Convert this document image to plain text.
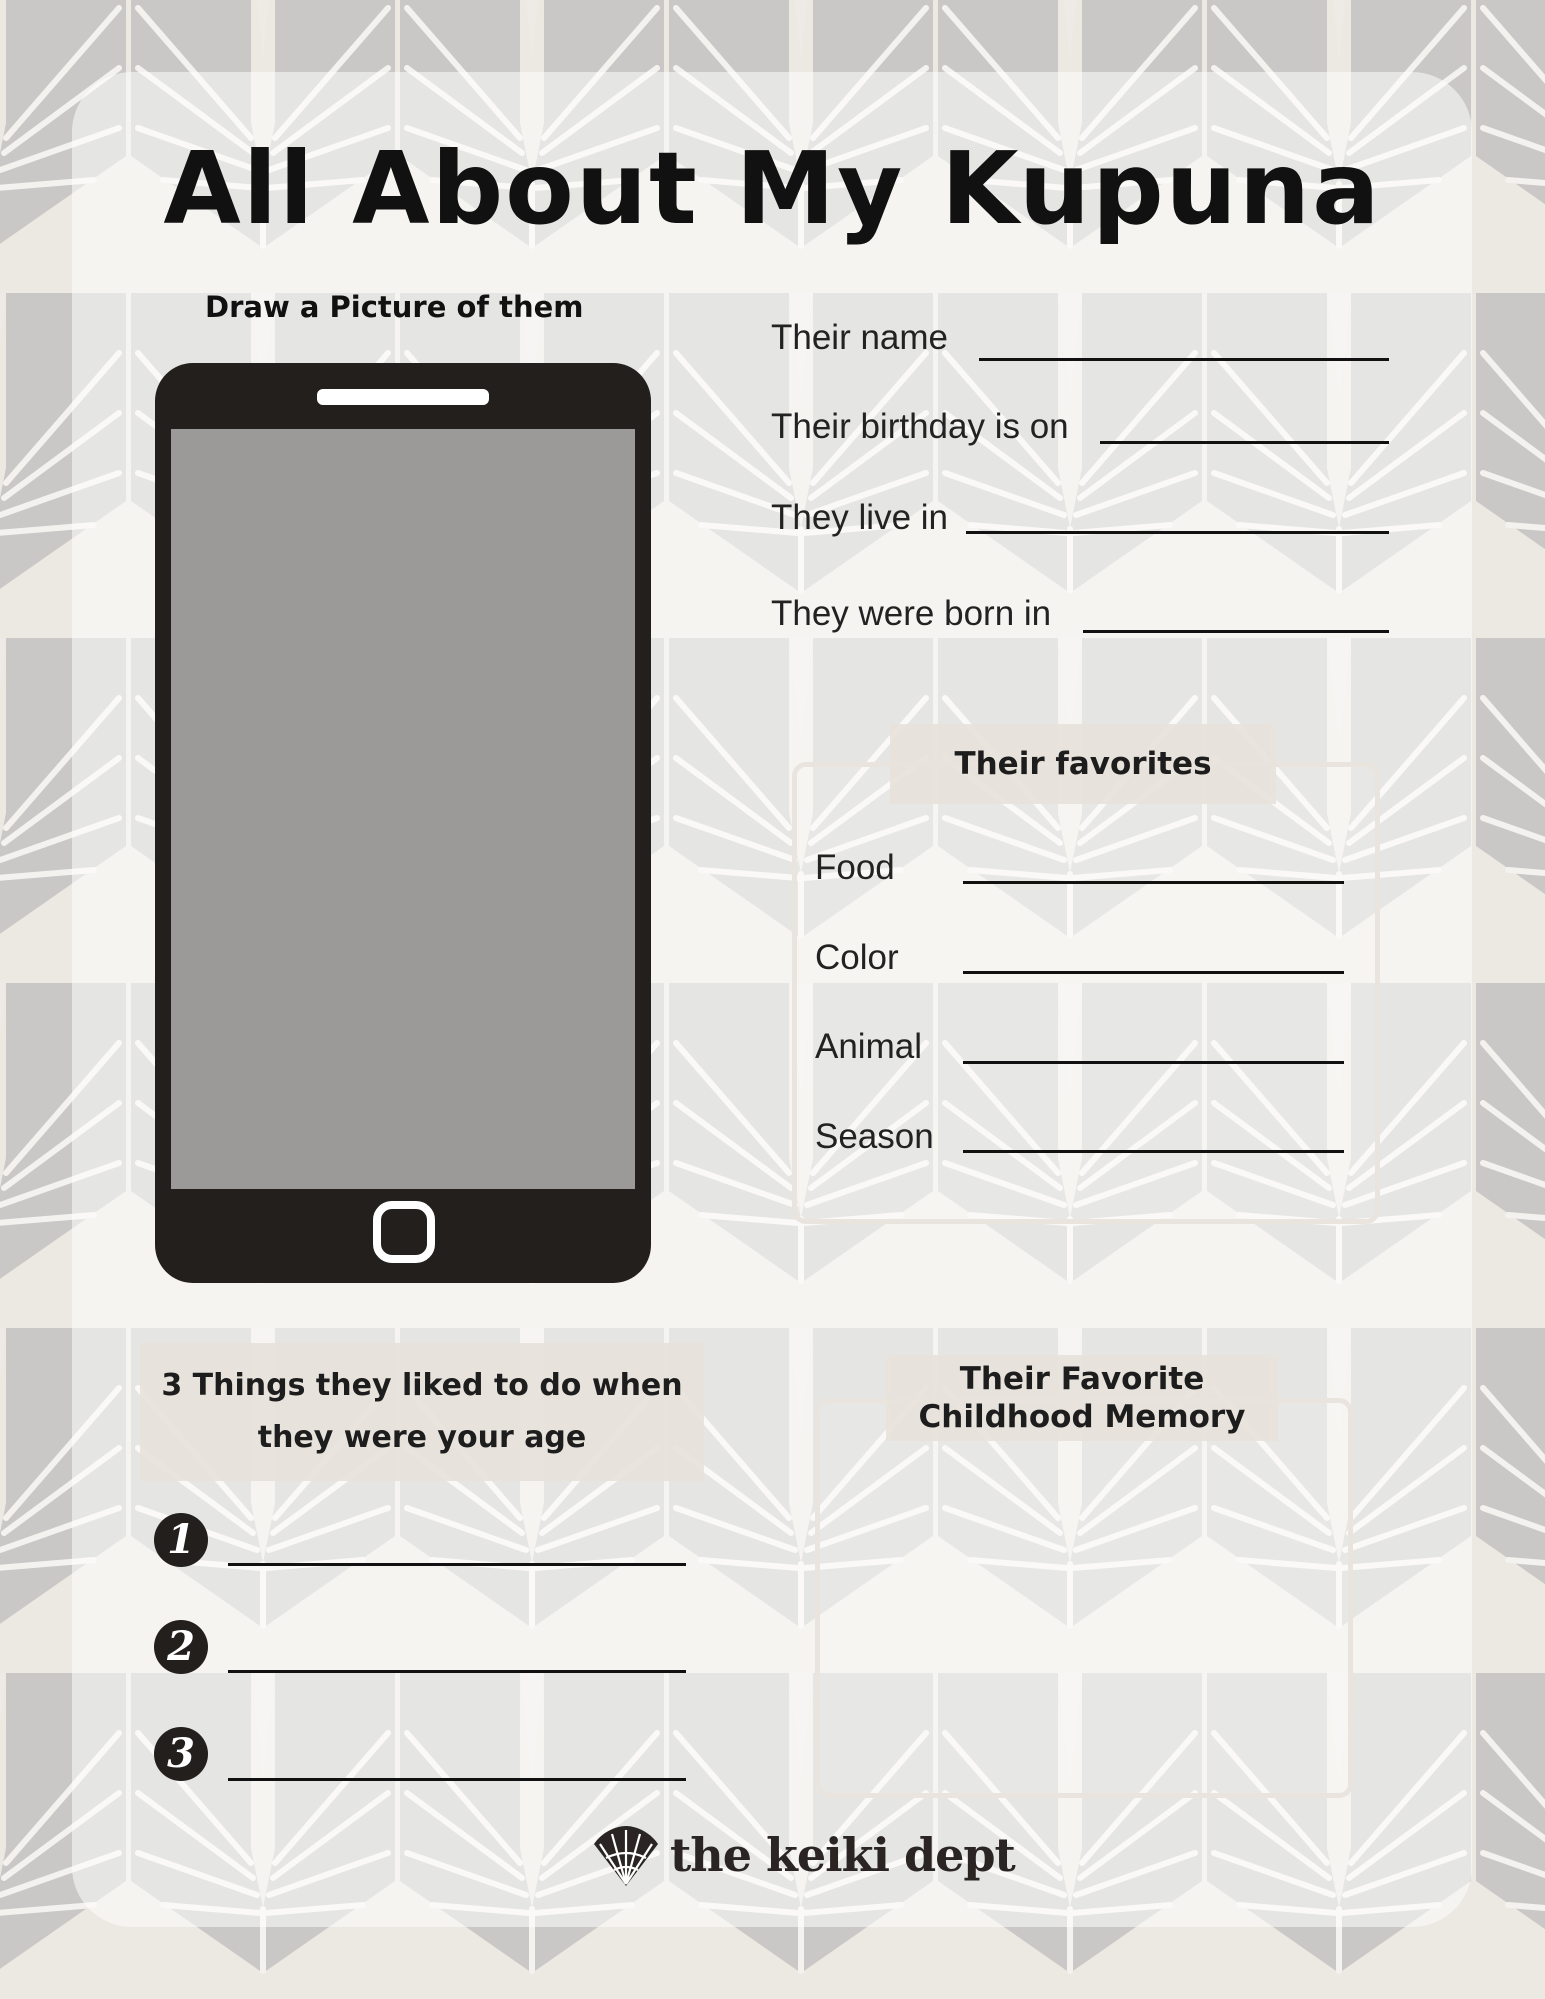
All About My Kupuna
Draw a Picture of them
Their name
Their birthday is on
They live in
They were born in
Their favorites
Food
Color
Animal
Season
3 Things they liked to do when they were your age
1
2
3
Their Favorite Childhood Memory
the keiki dept
